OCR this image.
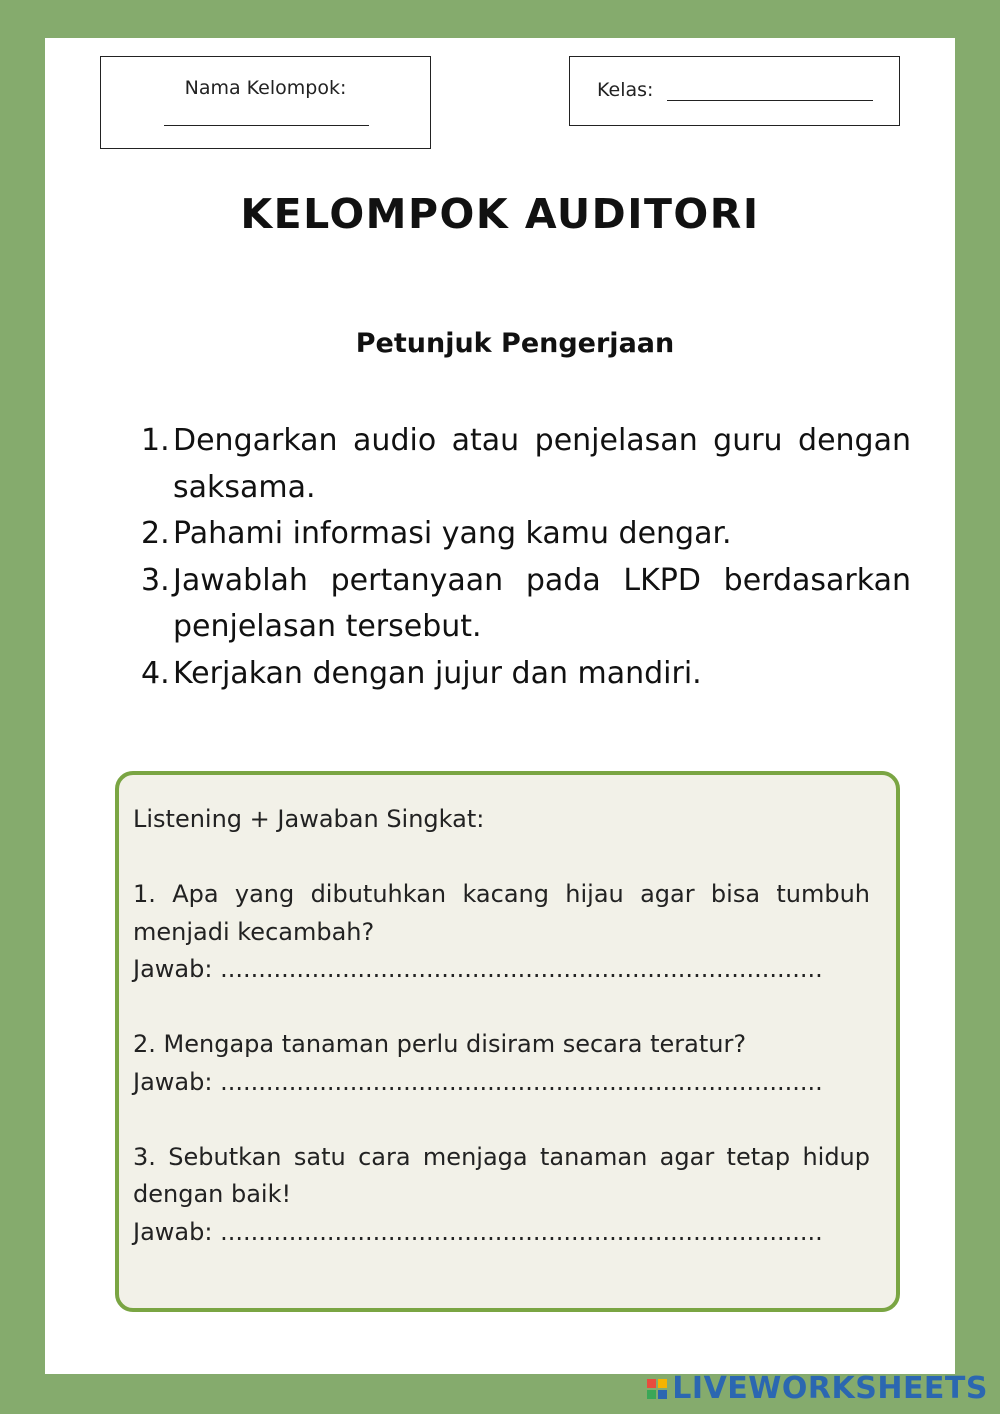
Nama Kelompok:	Kelas:
KELOMPOK AUDITORI
Petunjuk Pengerjaan
1. Dengarkan audio atau penjelasan guru dengan saksama.
2. Pahami informasi yang kamu dengar.
3. Jawablah pertanyaan pada LKPD berdasarkan penjelasan tersebut.
4. Kerjakan dengan jujur dan mandiri.

Listening + Jawaban Singkat:

1. Apa yang dibutuhkan kacang hijau agar bisa tumbuh menjadi kecambah?

Jawab: ...............................................................................

2. Mengapa tanaman perlu disiram secara teratur?

Jawab: ...............................................................................

3. Sebutkan satu cara menjaga tanaman agar tetap hidup dengan baik!

Jawab: ...............................................................................

LIVEWORKSHEETS
